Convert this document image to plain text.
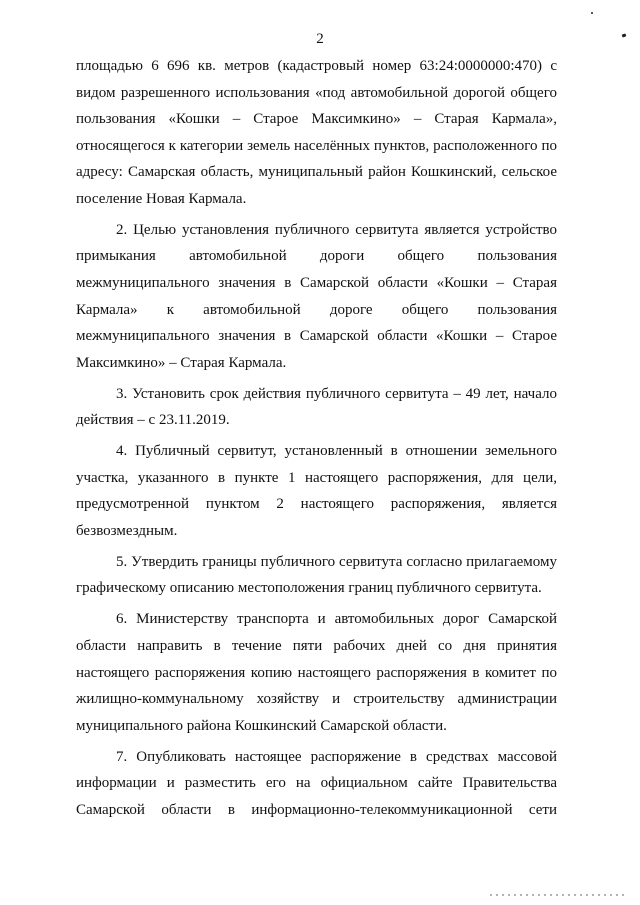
2

площадью 6 696 кв. метров (кадастровый номер 63:24:0000000:470) с видом разрешенного использования «под автомобильной дорогой общего пользования «Кошки – Старое Максимкино» – Старая Кармала», относящегося к категории земель населённых пунктов, расположенного по адресу: Самарская область, муниципальный район Кошкинский, сельское поселение Новая Кармала.

2. Целью установления публичного сервитута является устройство примыкания автомобильной дороги общего пользования межмуниципального значения в Самарской области «Кошки – Старая Кармала» к автомобильной дороге общего пользования межмуниципального значения в Самарской области «Кошки – Старое Максимкино» – Старая Кармала.

3. Установить срок действия публичного сервитута – 49 лет, начало действия – с 23.11.2019.

4. Публичный сервитут, установленный в отношении земельного участка, указанного в пункте 1 настоящего распоряжения, для цели, предусмотренной пунктом 2 настоящего распоряжения, является безвозмездным.

5. Утвердить границы публичного сервитута согласно прилагаемому графическому описанию местоположения границ публичного сервитута.

6. Министерству транспорта и автомобильных дорог Самарской области направить в течение пяти рабочих дней со дня принятия настоящего распоряжения копию настоящего распоряжения в комитет по жилищно-коммунальному хозяйству и строительству администрации муниципального района Кошкинский Самарской области.

7. Опубликовать настоящее распоряжение в средствах массовой информации и разместить его на официальном сайте Правительства Самарской области в информационно-телекоммуникационной сети
